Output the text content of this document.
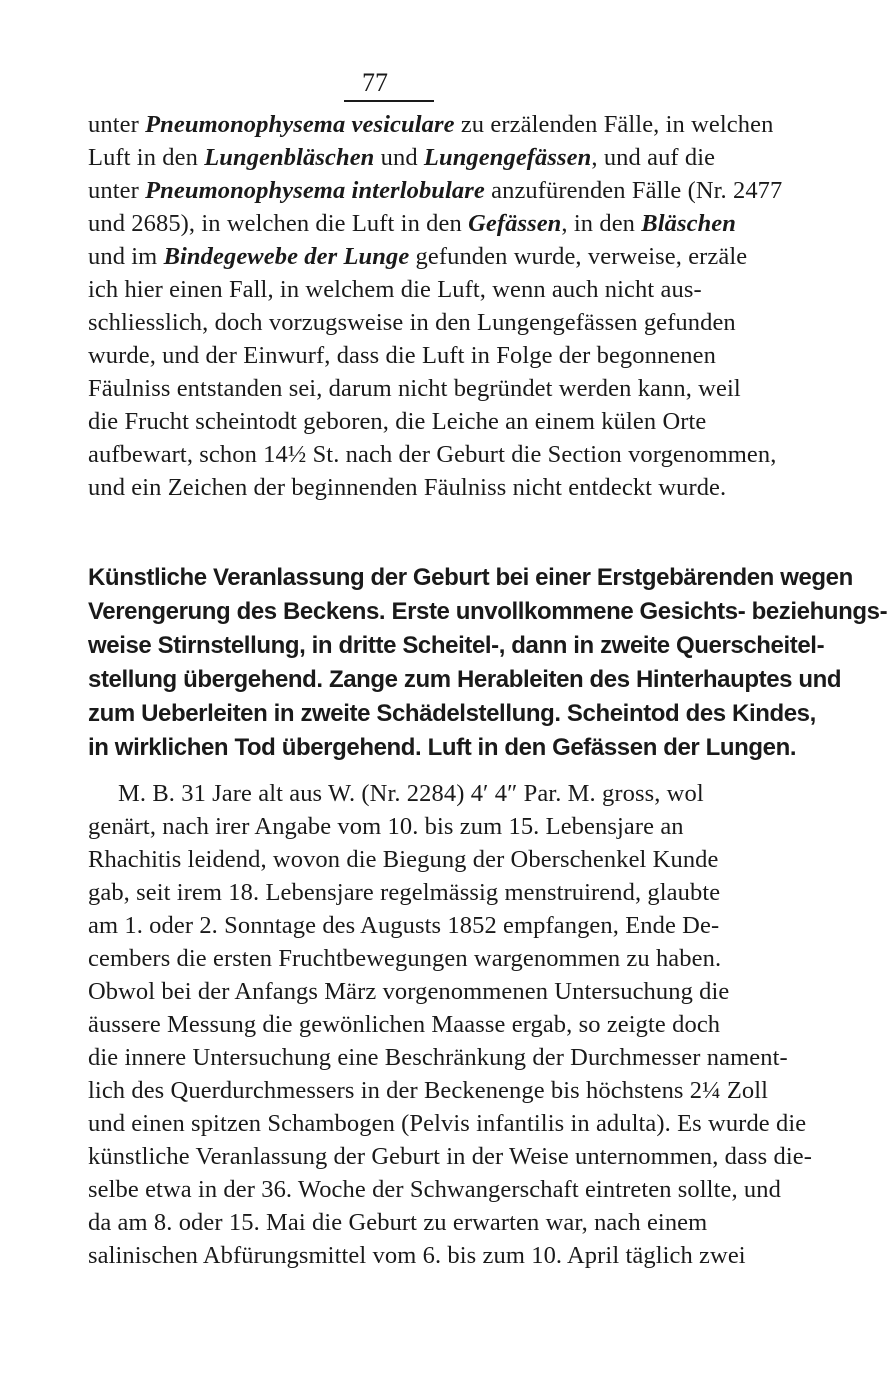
77
unter Pneumonophysema vesiculare zu erzälenden Fälle, in welchen
Luft in den Lungenbläschen und Lungengefässen, und auf die
unter Pneumonophysema interlobulare anzufürenden Fälle (Nr. 2477
und 2685), in welchen die Luft in den Gefässen, in den Bläschen
und im Bindegewebe der Lunge gefunden wurde, verweise, erzäle
ich hier einen Fall, in welchem die Luft, wenn auch nicht aus-
schliesslich, doch vorzugsweise in den Lungengefässen gefunden
wurde, und der Einwurf, dass die Luft in Folge der begonnenen
Fäulniss entstanden sei, darum nicht begründet werden kann, weil
die Frucht scheintodt geboren, die Leiche an einem külen Orte
aufbewart, schon 14½ St. nach der Geburt die Section vorgenommen,
und ein Zeichen der beginnenden Fäulniss nicht entdeckt wurde.
Künstliche Veranlassung der Geburt bei einer Erstgebärenden wegen
Verengerung des Beckens. Erste unvollkommene Gesichts- beziehungs-
weise Stirnstellung, in dritte Scheitel-, dann in zweite Querscheitel-
stellung übergehend. Zange zum Herableiten des Hinterhauptes und
zum Ueberleiten in zweite Schädelstellung. Scheintod des Kindes,
in wirklichen Tod übergehend. Luft in den Gefässen der Lungen.
M. B. 31 Jare alt aus W. (Nr. 2284) 4′ 4″ Par. M. gross, wol
genärt, nach irer Angabe vom 10. bis zum 15. Lebensjare an
Rhachitis leidend, wovon die Biegung der Oberschenkel Kunde
gab, seit irem 18. Lebensjare regelmässig menstruirend, glaubte
am 1. oder 2. Sonntage des Augusts 1852 empfangen, Ende De-
cembers die ersten Fruchtbewegungen wargenommen zu haben.
Obwol bei der Anfangs März vorgenommenen Untersuchung die
äussere Messung die gewönlichen Maasse ergab, so zeigte doch
die innere Untersuchung eine Beschränkung der Durchmesser nament-
lich des Querdurchmessers in der Beckenenge bis höchstens 2¼ Zoll
und einen spitzen Schambogen (Pelvis infantilis in adulta). Es wurde die
künstliche Veranlassung der Geburt in der Weise unternommen, dass die-
selbe etwa in der 36. Woche der Schwangerschaft eintreten sollte, und
da am 8. oder 15. Mai die Geburt zu erwarten war, nach einem
salinischen Abfürungsmittel vom 6. bis zum 10. April täglich zwei
